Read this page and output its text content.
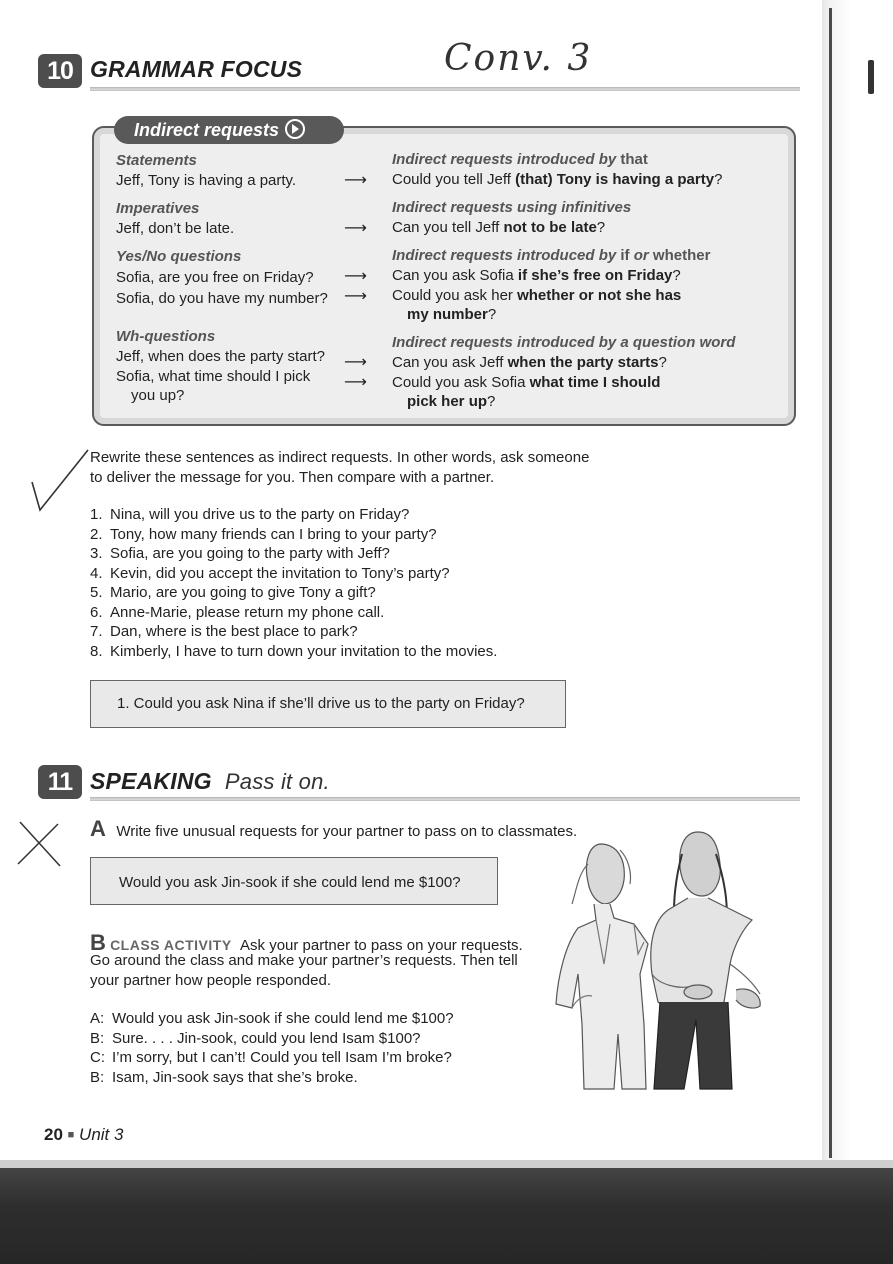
10 GRAMMAR FOCUS	Conv. 3
Indirect requests
Statements
Jeff, Tony is having a party.
Imperatives
Jeff, don’t be late.
Yes/No questions
Sofia, are you free on Friday?
Sofia, do you have my number?
Wh-questions
Jeff, when does the party start?
Sofia, what time should I pick
you up?
⟶
⟶
⟶
⟶
⟶
⟶
Indirect requests introduced by that
Could you tell Jeff (that) Tony is having a party?
Indirect requests using infinitives
Can you tell Jeff not to be late?
Indirect requests introduced by if or whether
Can you ask Sofia if she’s free on Friday?
Could you ask her whether or not she has
my number?
Indirect requests introduced by a question word
Can you ask Jeff when the party starts?
Could you ask Sofia what time I should
pick her up?
Rewrite these sentences as indirect requests. In other words, ask someone
to deliver the message for you. Then compare with a partner.
1. Nina, will you drive us to the party on Friday?
2. Tony, how many friends can I bring to your party?
3. Sofia, are you going to the party with Jeff?
4. Kevin, did you accept the invitation to Tony’s party?
5. Mario, are you going to give Tony a gift?
6. Anne-Marie, please return my phone call.
7. Dan, where is the best place to park?
8. Kimberly, I have to turn down your invitation to the movies.
1. Could you ask Nina if she’ll drive us to the party on Friday?
11 SPEAKING Pass it on.
A Write five unusual requests for your partner to pass on to classmates.
Would you ask Jin-sook if she could lend me $100?
B CLASS ACTIVITY Ask your partner to pass on your requests.
Go around the class and make your partner’s requests. Then tell
your partner how people responded.
A: Would you ask Jin-sook if she could lend me $100?
B: Sure. . . . Jin-sook, could you lend Isam $100?
C: I’m sorry, but I can’t! Could you tell Isam I’m broke?
B: Isam, Jin-sook says that she’s broke.
20 ■ Unit 3
